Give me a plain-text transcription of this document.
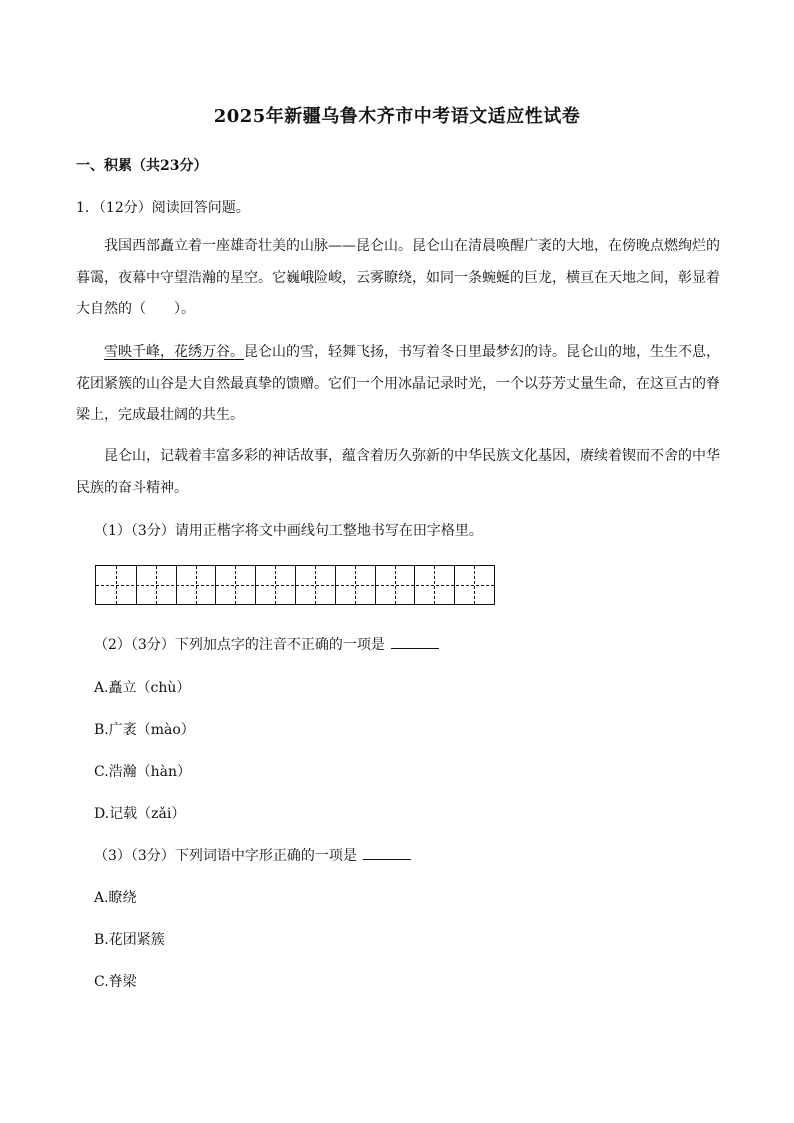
2025年新疆乌鲁木齐市中考语文适应性试卷
一、积累（共23分）
1．（12分）阅读回答问题。
我国西部矗立着一座雄奇壮美的山脉——昆仑山。昆仑山在清晨唤醒广袤的大地，在傍晚点燃绚烂的暮霭，夜幕中守望浩瀚的星空。它巍峨险峻，云雾瞭绕，如同一条蜿蜒的巨龙，横亘在天地之间，彰显着大自然的（　　）。
雪映千峰，花绣万谷。昆仑山的雪，轻舞飞扬，书写着冬日里最梦幻的诗。昆仑山的地，生生不息，花团紧簇的山谷是大自然最真挚的馈赠。它们一个用冰晶记录时光，一个以芬芳丈量生命，在这亘古的脊梁上，完成最壮阔的共生。
昆仑山，记载着丰富多彩的神话故事，蕴含着历久弥新的中华民族文化基因，赓续着锲而不舍的中华民族的奋斗精神。
（1）（3分）请用正楷字将文中画线句工整地书写在田字格里。
（2）（3分）下列加点字的注音不正确的一项是
A.矗立（chù）
B.广袤（mào）
C.浩瀚（hàn）
D.记载（zǎi）
（3）（3分）下列词语中字形正确的一项是
A.瞭绕
B.花团紧簇
C.脊梁
